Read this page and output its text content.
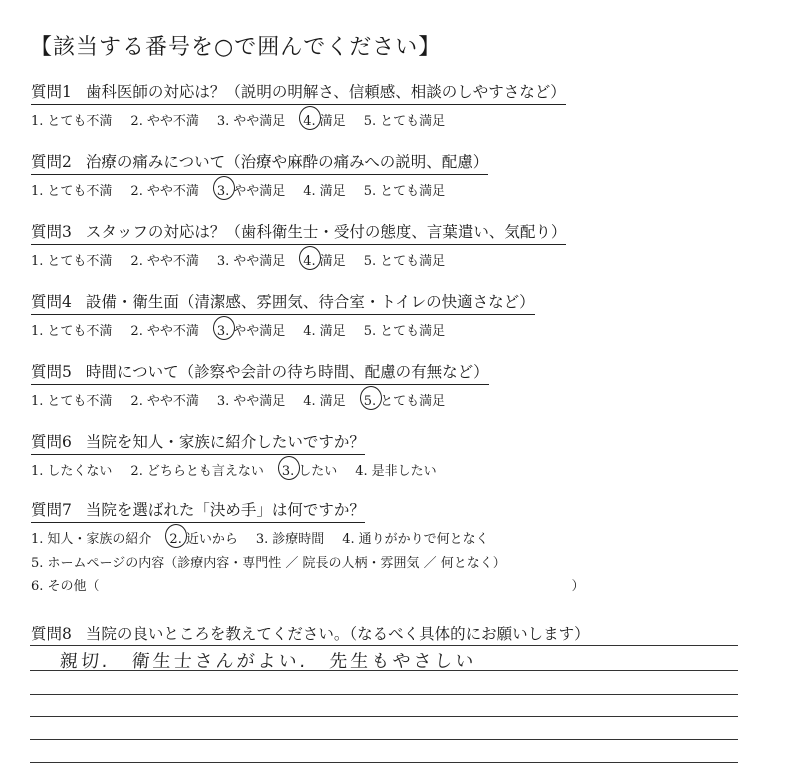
【該当する番号を○で囲んでください】
質問1 歯科医師の対応は？（説明の明解さ、信頼感、相談のしやすさなど）
1. とても不満 2. やや不満 3. やや満足 4. 満足 5. とても満足
質問2 治療の痛みについて（治療や麻酔の痛みへの説明、配慮）
1. とても不満 2. やや不満 3. やや満足 4. 満足 5. とても満足
質問3 スタッフの対応は？（歯科衛生士・受付の態度、言葉遣い、気配り）
1. とても不満 2. やや不満 3. やや満足 4. 満足 5. とても満足
質問4 設備・衛生面（清潔感、雰囲気、待合室・トイレの快適さなど）
1. とても不満 2. やや不満 3. やや満足 4. 満足 5. とても満足
質問5 時間について（診察や会計の待ち時間、配慮の有無など）
1. とても不満 2. やや不満 3. やや満足 4. 満足 5. とても満足
質問6 当院を知人・家族に紹介したいですか？
1. したくない 2. どちらとも言えない 3. したい 4. 是非したい
質問7 当院を選ばれた「決め手」は何ですか？
1. 知人・家族の紹介 2. 近いから 3. 診療時間 4. 通りがかりで何となく
5. ホームページの内容（診療内容・専門性 ／ 院長の人柄・雰囲気 ／ 何となく）
6. その他（	）
質問8 当院の良いところを教えてください。（なるべく具体的にお願いします）
親切.　衛生士さんがよい.　先生もやさしい
